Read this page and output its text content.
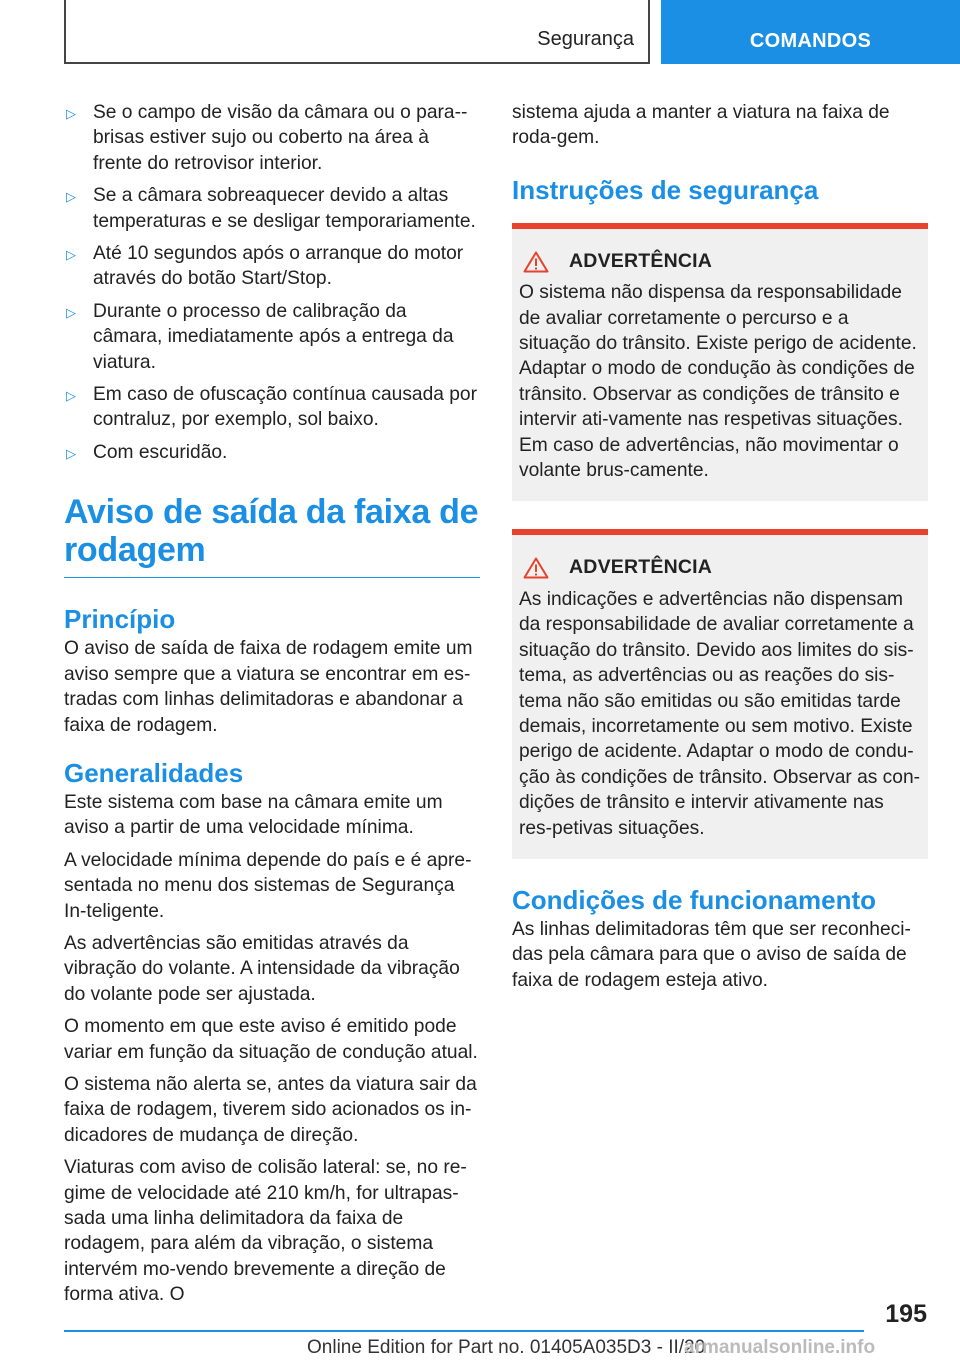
Segurança	COMANDOS
▷ Se o campo de visão da câmara ou o para--brisas estiver sujo ou coberto na área à frente do retrovisor interior.
▷ Se a câmara sobreaquecer devido a altas temperaturas e se desligar temporariamente.
▷ Até 10 segundos após o arranque do motor através do botão Start/Stop.
▷ Durante o processo de calibração da câmara, imediatamente após a entrega da viatura.
▷ Em caso de ofuscação contínua causada por contraluz, por exemplo, sol baixo.
▷ Com escuridão.
Aviso de saída da faixa de rodagem
Princípio

O aviso de saída de faixa de rodagem emite um aviso sempre que a viatura se encontrar em es-tradas com linhas delimitadoras e abandonar a faixa de rodagem.

Generalidades

Este sistema com base na câmara emite um aviso a partir de uma velocidade mínima.

A velocidade mínima depende do país e é apre-sentada no menu dos sistemas de Segurança In-teligente.

As advertências são emitidas através da vibração do volante. A intensidade da vibração do volante pode ser ajustada.

O momento em que este aviso é emitido pode variar em função da situação de condução atual.

O sistema não alerta se, antes da viatura sair da faixa de rodagem, tiverem sido acionados os in-dicadores de mudança de direção.

Viaturas com aviso de colisão lateral: se, no re-gime de velocidade até 210 km/h, for ultrapas-sada uma linha delimitadora da faixa de rodagem, para além da vibração, o sistema intervém mo-vendo brevemente a direção de forma ativa. O

sistema ajuda a manter a viatura na faixa de roda-gem.

Instruções de segurança
ADVERTÊNCIA

O sistema não dispensa da responsabilidade de avaliar corretamente o percurso e a situação do trânsito. Existe perigo de acidente. Adaptar o modo de condução às condições de trânsito. Observar as condições de trânsito e intervir ati-vamente nas respetivas situações. Em caso de advertências, não movimentar o volante brus-camente.

ADVERTÊNCIA

As indicações e advertências não dispensam da responsabilidade de avaliar corretamente a situação do trânsito. Devido aos limites do sis-tema, as advertências ou as reações do sis-tema não são emitidas ou são emitidas tarde demais, incorretamente ou sem motivo. Existe perigo de acidente. Adaptar o modo de condu-ção às condições de trânsito. Observar as con-dições de trânsito e intervir ativamente nas res-petivas situações.

Condições de funcionamento

As linhas delimitadoras têm que ser reconheci-das pela câmara para que o aviso de saída de faixa de rodagem esteja ativo.

195
Online Edition for Part no. 01405A035D3 - II/20
armanualsonline.info
